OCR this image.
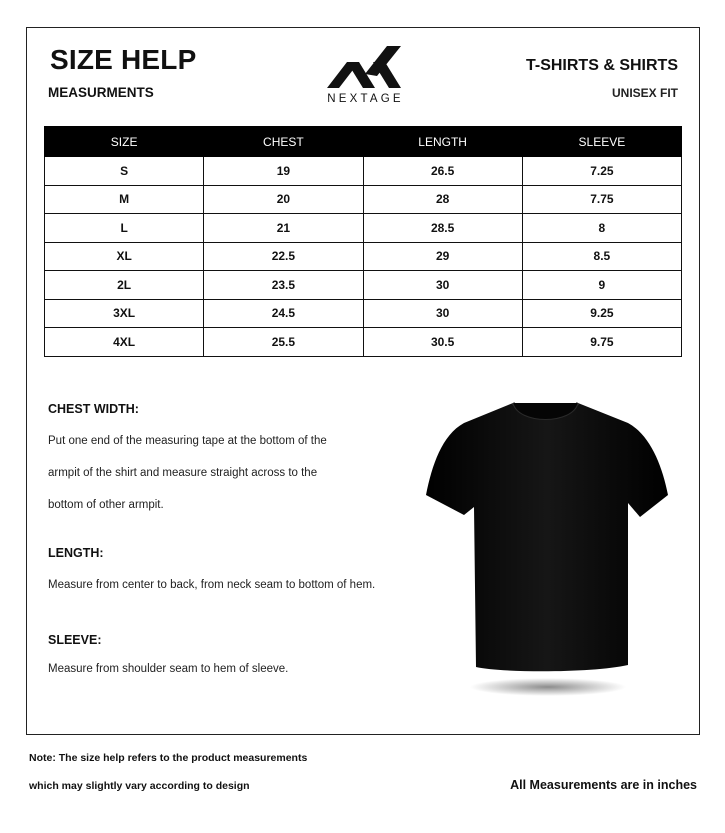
SIZE HELP
MEASURMENTS
T-SHIRTS & SHIRTS
UNISEX FIT
NEXTAGE
SIZE	CHEST	LENGTH	SLEEVE
S	19	26.5	7.25
M	20	28	7.75
L	21	28.5	8
XL	22.5	29	8.5
2L	23.5	30	9
3XL	24.5	30	9.25
4XL	25.5	30.5	9.75
CHEST WIDTH:
Put one end of the measuring tape at the bottom of the
armpit of the shirt and measure straight across to the
bottom of other armpit.
LENGTH:
Measure from center to back, from neck seam to bottom of hem.
SLEEVE:
Measure from shoulder seam to hem of sleeve.
Note: The size help refers to the product measurements
which may slightly vary according to design	All Measurements are in inches
